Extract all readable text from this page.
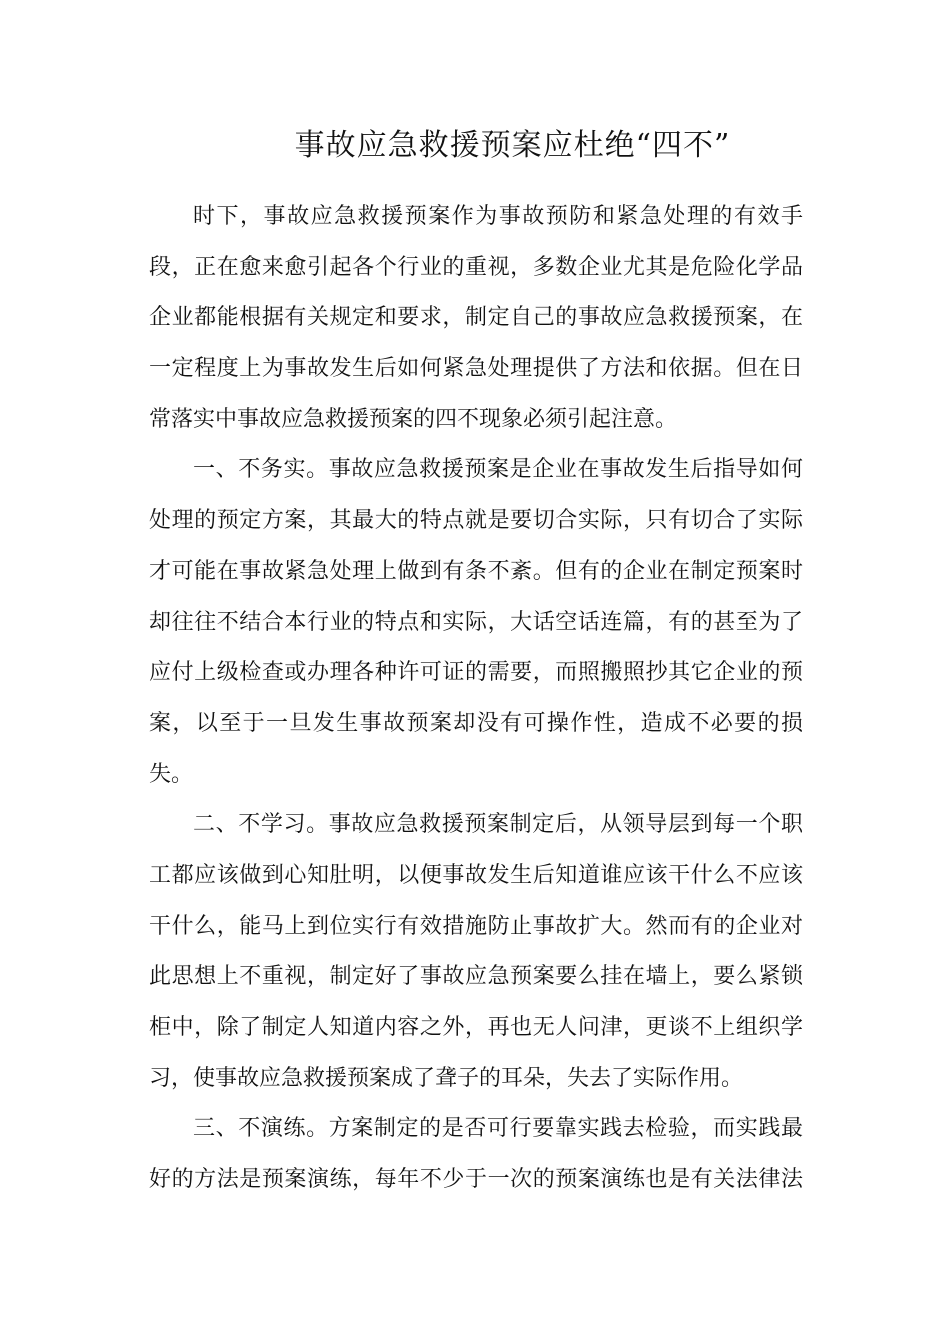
事故应急救援预案应杜绝“四不”
时下，事故应急救援预案作为事故预防和紧急处理的有效手
段，正在愈来愈引起各个行业的重视，多数企业尤其是危险化学品
企业都能根据有关规定和要求，制定自己的事故应急救援预案，在
一定程度上为事故发生后如何紧急处理提供了方法和依据。但在日
常落实中事故应急救援预案的四不现象必须引起注意。
一、不务实。事故应急救援预案是企业在事故发生后指导如何
处理的预定方案，其最大的特点就是要切合实际，只有切合了实际
才可能在事故紧急处理上做到有条不紊。但有的企业在制定预案时
却往往不结合本行业的特点和实际，大话空话连篇，有的甚至为了
应付上级检查或办理各种许可证的需要，而照搬照抄其它企业的预
案，以至于一旦发生事故预案却没有可操作性，造成不必要的损
失。
二、不学习。事故应急救援预案制定后，从领导层到每一个职
工都应该做到心知肚明，以便事故发生后知道谁应该干什么不应该
干什么，能马上到位实行有效措施防止事故扩大。然而有的企业对
此思想上不重视，制定好了事故应急预案要么挂在墙上，要么紧锁
柜中，除了制定人知道内容之外，再也无人问津，更谈不上组织学
习，使事故应急救援预案成了聋子的耳朵，失去了实际作用。
三、不演练。方案制定的是否可行要靠实践去检验，而实践最
好的方法是预案演练，每年不少于一次的预案演练也是有关法律法
